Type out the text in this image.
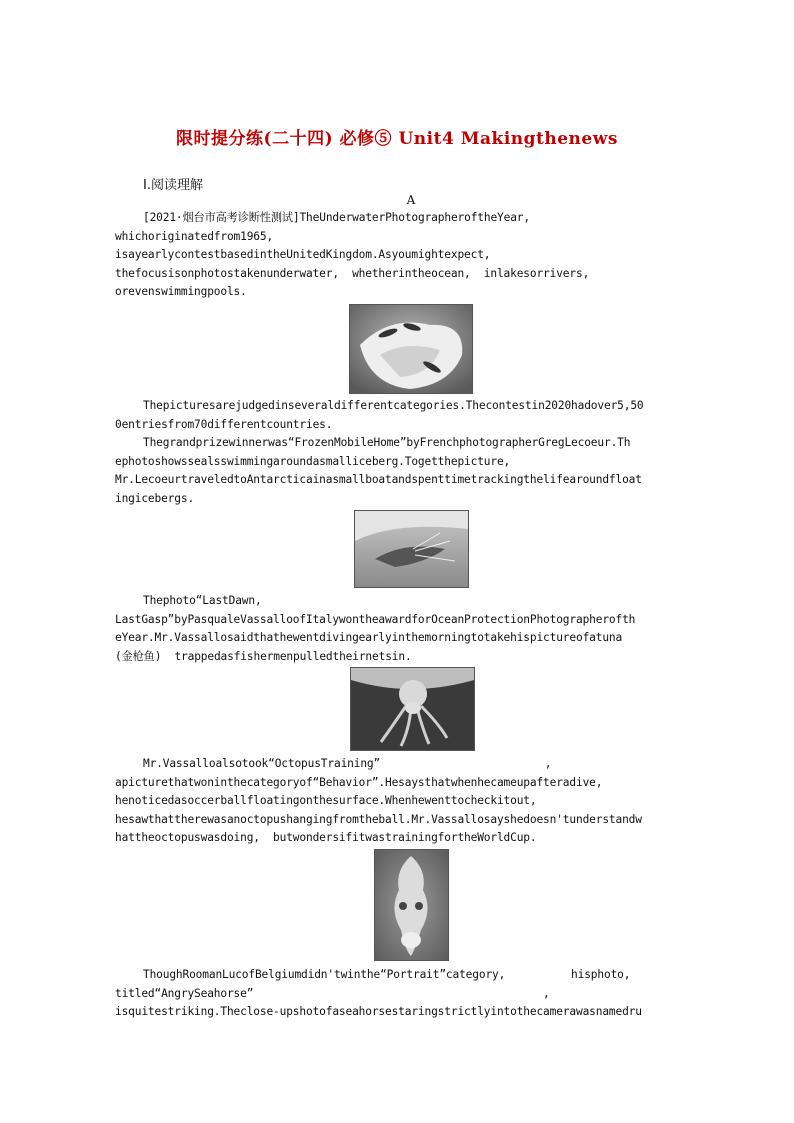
限时提分练(二十四) 必修⑤ Unit4 Makingthenews
Ⅰ.阅读理解
A
[2021·烟台市高考诊断性测试]TheUnderwaterPhotographeroftheYear,
whichoriginatedfrom1965,
isayearlycontestbasedintheUnitedKingdom.Asyoumightexpect,
thefocusisonphotostakenunderwater,  whetherintheocean,  inlakesorrivers,
orevenswimmingpools.
Thepicturesarejudgedinseveraldifferentcategories.Thecontestin2020hadover5,50
0entriesfrom70differentcountries.
Thegrandprizewinnerwas“FrozenMobileHome”byFrenchphotographerGregLecoeur.Th
ephotoshowssealsswimmingaroundasmalliceberg.Togetthepicture,
Mr.LecoeurtraveledtoAntarcticainasmallboatandspenttimetrackingthelifearoundfloat
ingicebergs.
Thephoto“LastDawn,
LastGasp”byPasqualeVassalloofItalywontheawardforOceanProtectionPhotographerofth
eYear.Mr.Vassallosaidthathewentdivingearlyinthemorningtotakehispictureofatuna
(金枪鱼)  trappedasfishermenpulledtheirnetsin.
Mr.Vassalloalsotook“OctopusTraining”                         ,
apicturethatwoninthecategoryof“Behavior”.Hesaysthatwhenhecameupafteradive,
henoticedasoccerballfloatingonthesurface.Whenhewenttocheckitout,
hesawthattherewasanoctopushangingfromtheball.Mr.Vassallosayshedoesn'tunderstandw
hattheoctopuswasdoing,  butwondersifitwastrainingfortheWorldCup.
ThoughRoomanLucofBelgiumdidn'twinthe“Portrait”category,          hisphoto,
titled“AngrySeahorse”                                            ,
isquitestriking.Theclose-upshotofaseahorsestaringstrictlyintothecamerawasnamedru
